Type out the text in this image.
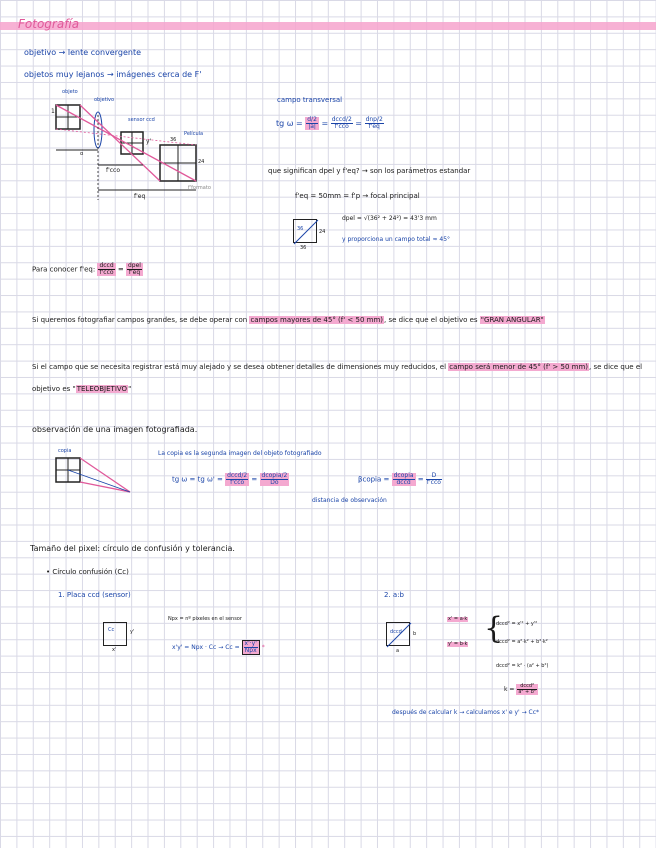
Fotografía
objetivo → lente convergente
objetos muy lejanos → imágenes cerca de F'
objeto
objetivo
sensor ccd
Película
1
y'	36
24
f'cco
f'eq
α
f'formato
campo transversal
tg $\omega = \frac{d/2}{|a|} = \frac{\text{dccd/2}}{\text{f'cco}} = \frac{\text{dnp/2}}{f'eq}$
que significan dpel y f'eq? → son los parámetros estandar
f'eq = 50mm = f'p → focal principal
36	24
36
dpel = √(36² + 24²) = 43'3 mm
y proporciona un campo total ≈ 45°
Para conocer f'eq: $\frac{\text{dccd}}{\text{f'cco}} = \frac{\text{dpel}}{f'eq}$
Si queremos fotografiar campos grandes, se debe operar con campos mayores de 45° (f' < 50 mm), se dice que el objetivo es "GRAN ANGULAR"
Si el campo que se necesita registrar está muy alejado y se desea obtener detalles de dimensiones muy reducidos, el campo será menor de 45° (f' > 50 mm), se dice que el objetivo es "TELEOBJETIVO"
observación de una imagen fotografiada.
copia	La copia es la segunda imagen del objeto fotografiado
tg ω = tg $\omega' = \frac{\text{dccd/2}}{\text{f'cco}} = \frac{\text{dcopia/2}}{Do}$
distancia de observación
βcopia = $\frac{\text{dcopia}}{\text{dccd}} = \frac{D}{\text{f'cco}}$
Tamaño del pixel: círculo de confusión y tolerancia.
• Círculo confusión (Cc)
1. Placa ccd (sensor)	2. a:b
Npx = nº pixeles en el sensor
Cc	y'
x'	x'y' = Npx · $Cc \to Cc = \frac{x'\cdot y'}{\text{Npx}}$ *
dccd b
a
x' = a·k
y' = b·k {
dccd² = x'² + y'²
dccd² = a²·k² + b²·k²
dccd² = k² · (a² + b²)
$k = \frac{\text{dccd²}}{\text{a² + b²}}$
después de calcular k → calculamos x' e y' → Cc*
